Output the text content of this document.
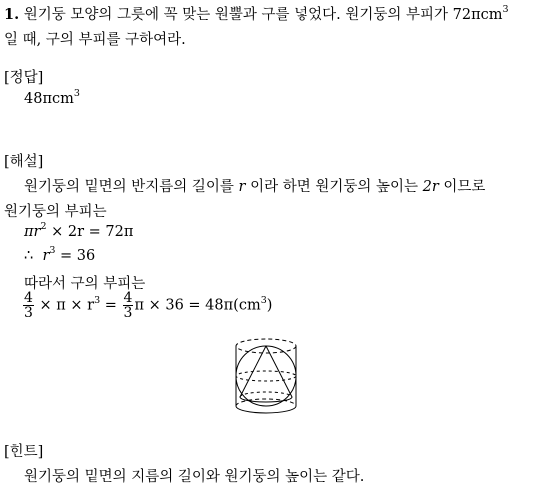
1. 원기둥 모양의 그릇에 꼭 맞는 원뿔과 구를 넣었다. 원기둥의 부피가 72πcm$^3$
일 때, 구의 부피를 구하여라.
[정답]
48πcm$^3$
[해설]
원기둥의 밑면의 반지름의 길이를 r 이라 하면 원기둥의 높이는 2r 이므로
원기둥의 부피는
$\pi r^2 \times 2r = 72\pi$
∴ $r^3 = 36$
따라서 구의 부피는
$\frac{4}{3} \times \pi \times r^3 = \frac{4}{3}$ $\pi \times 36 = 48\pi(cm^3)$
[힌트]
원기둥의 밑면의 지름의 길이와 원기둥의 높이는 같다.
